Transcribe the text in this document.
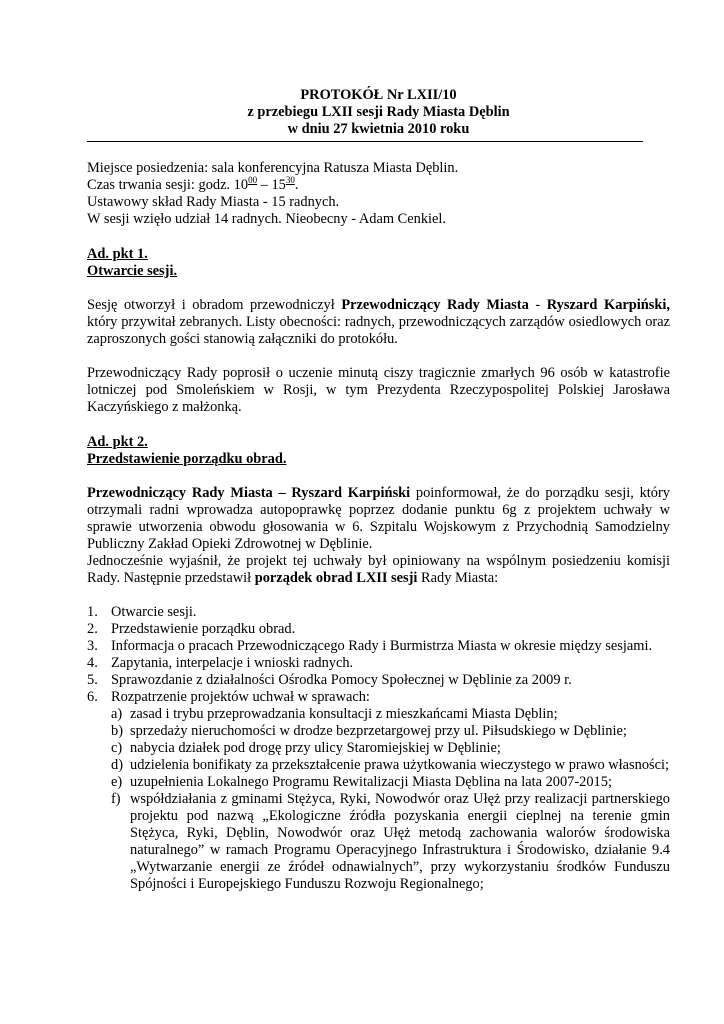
PROTOKÓŁ Nr LXII/10
z przebiegu LXII sesji Rady Miasta Dęblin
w dniu 27 kwietnia 2010 roku

Miejsce posiedzenia: sala konferencyjna Ratusza Miasta Dęblin.

Czas trwania sesji: godz. $10^{00} - 15^{30}$.

Ustawowy skład Rady Miasta - 15 radnych.

W sesji wzięło udział 14 radnych. Nieobecny - Adam Cenkiel.

Ad. pkt 1.
Otwarcie sesji.

Sesję otworzył i obradom przewodniczył Przewodniczący Rady Miasta - Ryszard Karpiński, który przywitał zebranych. Listy obecności: radnych, przewodniczących zarządów osiedlowych oraz zaproszonych gości stanowią załączniki do protokółu.

Przewodniczący Rady poprosił o uczenie minutą ciszy tragicznie zmarłych 96 osób w katastrofie lotniczej pod Smoleńskiem w Rosji, w tym Prezydenta Rzeczypospolitej Polskiej Jarosława Kaczyńskiego z małżonką.

Ad. pkt 2.
Przedstawienie porządku obrad.

Przewodniczący Rady Miasta – Ryszard Karpiński poinformował, że do porządku sesji, który otrzymali radni wprowadza autopoprawkę poprzez dodanie punktu 6g z projektem uchwały w sprawie utworzenia obwodu głosowania w 6. Szpitalu Wojskowym z Przychodnią Samodzielny Publiczny Zakład Opieki Zdrowotnej w Dęblinie.

Jednocześnie wyjaśnił, że projekt tej uchwały był opiniowany na wspólnym posiedzeniu komisji Rady. Następnie przedstawił porządek obrad LXII sesji Rady Miasta:

1. Otwarcie sesji.
2. Przedstawienie porządku obrad.
3. Informacja o pracach Przewodniczącego Rady i Burmistrza Miasta w okresie między sesjami.
4. Zapytania, interpelacje i wnioski radnych.
5. Sprawozdanie z działalności Ośrodka Pomocy Społecznej w Dęblinie za 2009 r.
6. Rozpatrzenie projektów uchwał w sprawach:
a) zasad i trybu przeprowadzania konsultacji z mieszkańcami Miasta Dęblin;
b) sprzedaży nieruchomości w drodze bezprzetargowej przy ul. Piłsudskiego w Dęblinie;
c) nabycia działek pod drogę przy ulicy Staromiejskiej w Dęblinie;
d) udzielenia bonifikaty za przekształcenie prawa użytkowania wieczystego w prawo własności;
e) uzupełnienia Lokalnego Programu Rewitalizacji Miasta Dęblina na lata 2007-2015;
f) współdziałania z gminami Stężyca, Ryki, Nowodwór oraz Ułęż przy realizacji partnerskiego projektu pod nazwą „Ekologiczne źródła pozyskania energii cieplnej na terenie gmin Stężyca, Ryki, Dęblin, Nowodwór oraz Ułęż metodą zachowania walorów środowiska naturalnego” w ramach Programu Operacyjnego Infrastruktura i Środowisko, działanie 9.4 „Wytwarzanie energii ze źródeł odnawialnych”, przy wykorzystaniu środków Funduszu Spójności i Europejskiego Funduszu Rozwoju Regionalnego;
